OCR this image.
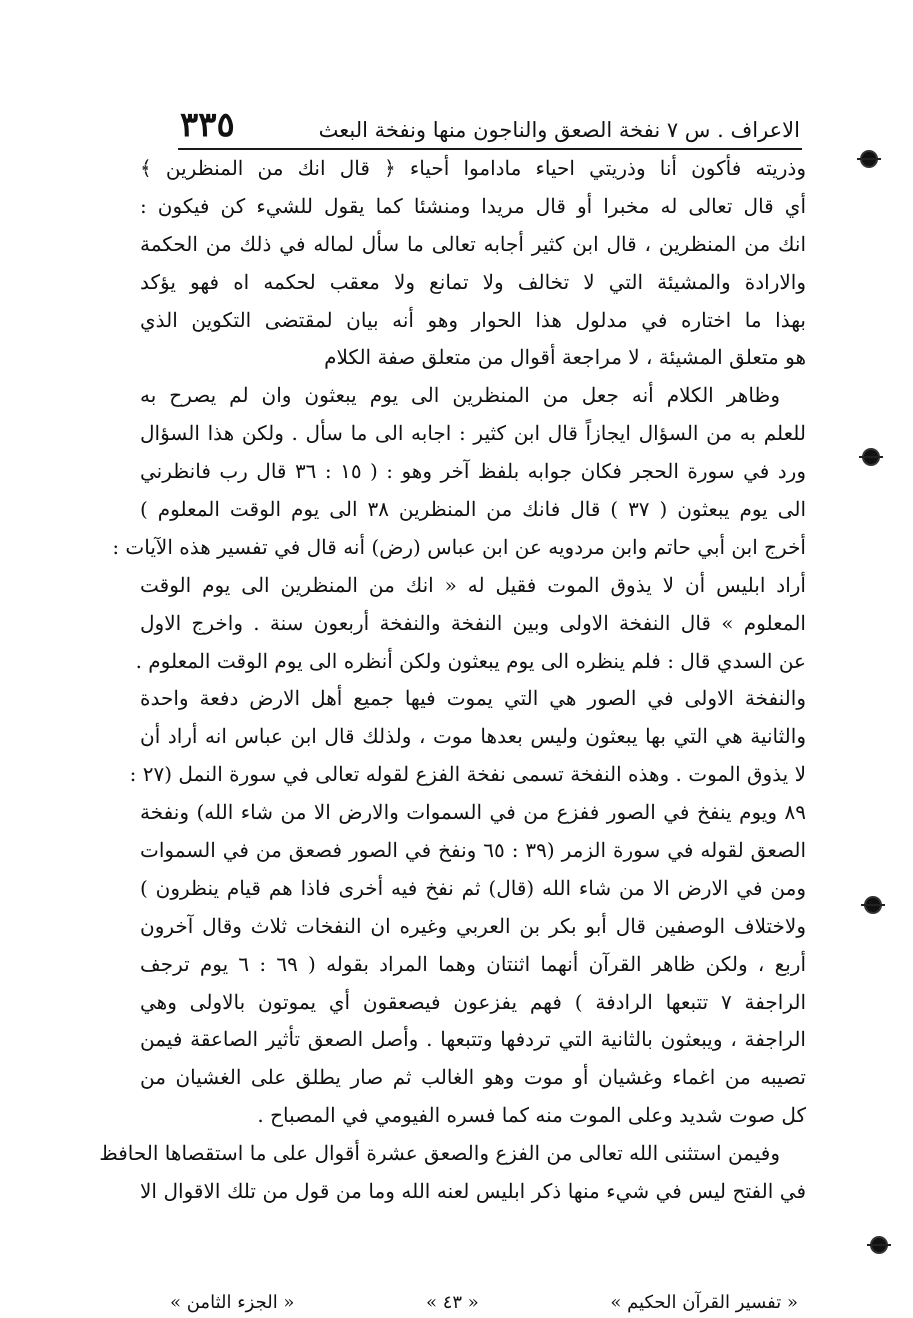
الاعراف . س ٧ نفخة الصعق والناجون منها ونفخة البعث
٣٣٥
وذريته فأكون أنا وذريتي احياء ماداموا أحياء ﴿ قال انك من المنظرين ﴾
أي قال تعالى له مخبرا أو قال مريدا ومنشئا كما يقول للشيء كن فيكون :
انك من المنظرين ، قال ابن كثير أجابه تعالى ما سأل لماله في ذلك من الحكمة
والارادة والمشيئة التي لا تخالف ولا تمانع ولا معقب لحكمه اه فهو يؤكد
بهذا ما اختاره في مدلول هذا الحوار وهو أنه بيان لمقتضى التكوين الذي
هو متعلق المشيئة ، لا مراجعة أقوال من متعلق صفة الكلام
وظاهر الكلام أنه جعل من المنظرين الى يوم يبعثون وان لم يصرح به
للعلم به من السؤال ايجازاً قال ابن كثير : اجابه الى ما سأل . ولكن هذا السؤال
ورد في سورة الحجر فكان جوابه بلفظ آخر وهو : ( ١٥ : ٣٦ قال رب فانظرني
الى يوم يبعثون ( ٣٧ ) قال فانك من المنظرين ٣٨ الى يوم الوقت المعلوم )
أخرج ابن أبي حاتم وابن مردويه عن ابن عباس (رض) أنه قال في تفسير هذه الآيات :
أراد ابليس أن لا يذوق الموت فقيل له « انك من المنظرين الى يوم الوقت
المعلوم » قال النفخة الاولى وبين النفخة والنفخة أربعون سنة . واخرج الاول
عن السدي قال : فلم ينظره الى يوم يبعثون ولكن أنظره الى يوم الوقت المعلوم .
والنفخة الاولى في الصور هي التي يموت فيها جميع أهل الارض دفعة واحدة
والثانية هي التي بها يبعثون وليس بعدها موت ، ولذلك قال ابن عباس انه أراد أن
لا يذوق الموت . وهذه النفخة تسمى نفخة الفزع لقوله تعالى في سورة النمل (٢٧ :
٨٩ ويوم ينفخ في الصور ففزع من في السموات والارض الا من شاء الله) ونفخة
الصعق لقوله في سورة الزمر (٣٩ : ٦٥ ونفخ في الصور فصعق من في السموات
ومن في الارض الا من شاء الله (قال) ثم نفخ فيه أخرى فاذا هم قيام ينظرون )
ولاختلاف الوصفين قال أبو بكر بن العربي وغيره ان النفخات ثلاث وقال آخرون
أربع ، ولكن ظاهر القرآن أنهما اثنتان وهما المراد بقوله ( ٦٩ : ٦ يوم ترجف
الراجفة ٧ تتبعها الرادفة ) فهم يفزعون فيصعقون أي يموتون بالاولى وهي
الراجفة ، ويبعثون بالثانية التي تردفها وتتبعها . وأصل الصعق تأثير الصاعقة فيمن
تصيبه من اغماء وغشيان أو موت وهو الغالب ثم صار يطلق على الغشيان من
كل صوت شديد وعلى الموت منه كما فسره الفيومي في المصباح .
وفيمن استثنى الله تعالى من الفزع والصعق عشرة أقوال على ما استقصاها الحافظ
في الفتح ليس في شيء منها ذكر ابليس لعنه الله وما من قول من تلك الاقوال الا
« تفسير القرآن الحكيم »
« ٤٣ »
« الجزء الثامن »
